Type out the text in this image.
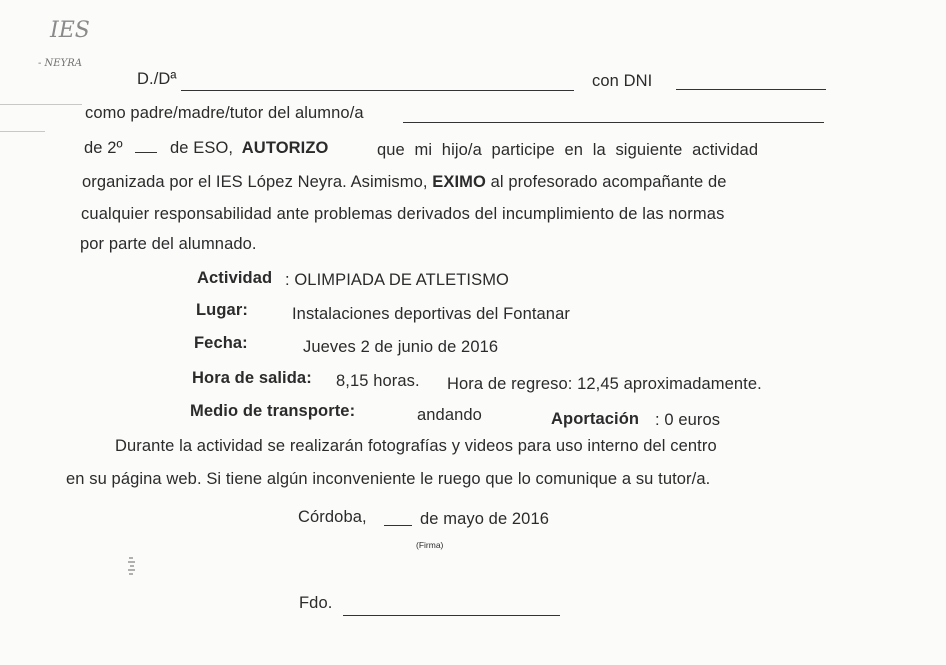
IES
- NEYRA
D./Dª	con DNI
como padre/madre/tutor del alumno/a
de 2º	de ESO, AUTORIZO	que mi hijo/a participe en la siguiente actividad
organizada por el IES López Neyra. Asimismo, EXIMO al profesorado acompañante de
cualquier responsabilidad ante problemas derivados del incumplimiento de las normas
por parte del alumnado.
Actividad : OLIMPIADA DE ATLETISMO
Lugar:	Instalaciones deportivas del Fontanar
Fecha:	Jueves 2 de junio de 2016
Hora de salida: 8,15 horas. Hora de regreso: 12,45 aproximadamente.
Medio de transporte:	andando	Aportación : 0 euros
Durante la actividad se realizarán fotografías y videos para uso interno del centro
en su página web. Si tiene algún inconveniente le ruego que lo comunique a su tutor/a.
Córdoba,	de mayo de 2016
(Firma)
Fdo.
